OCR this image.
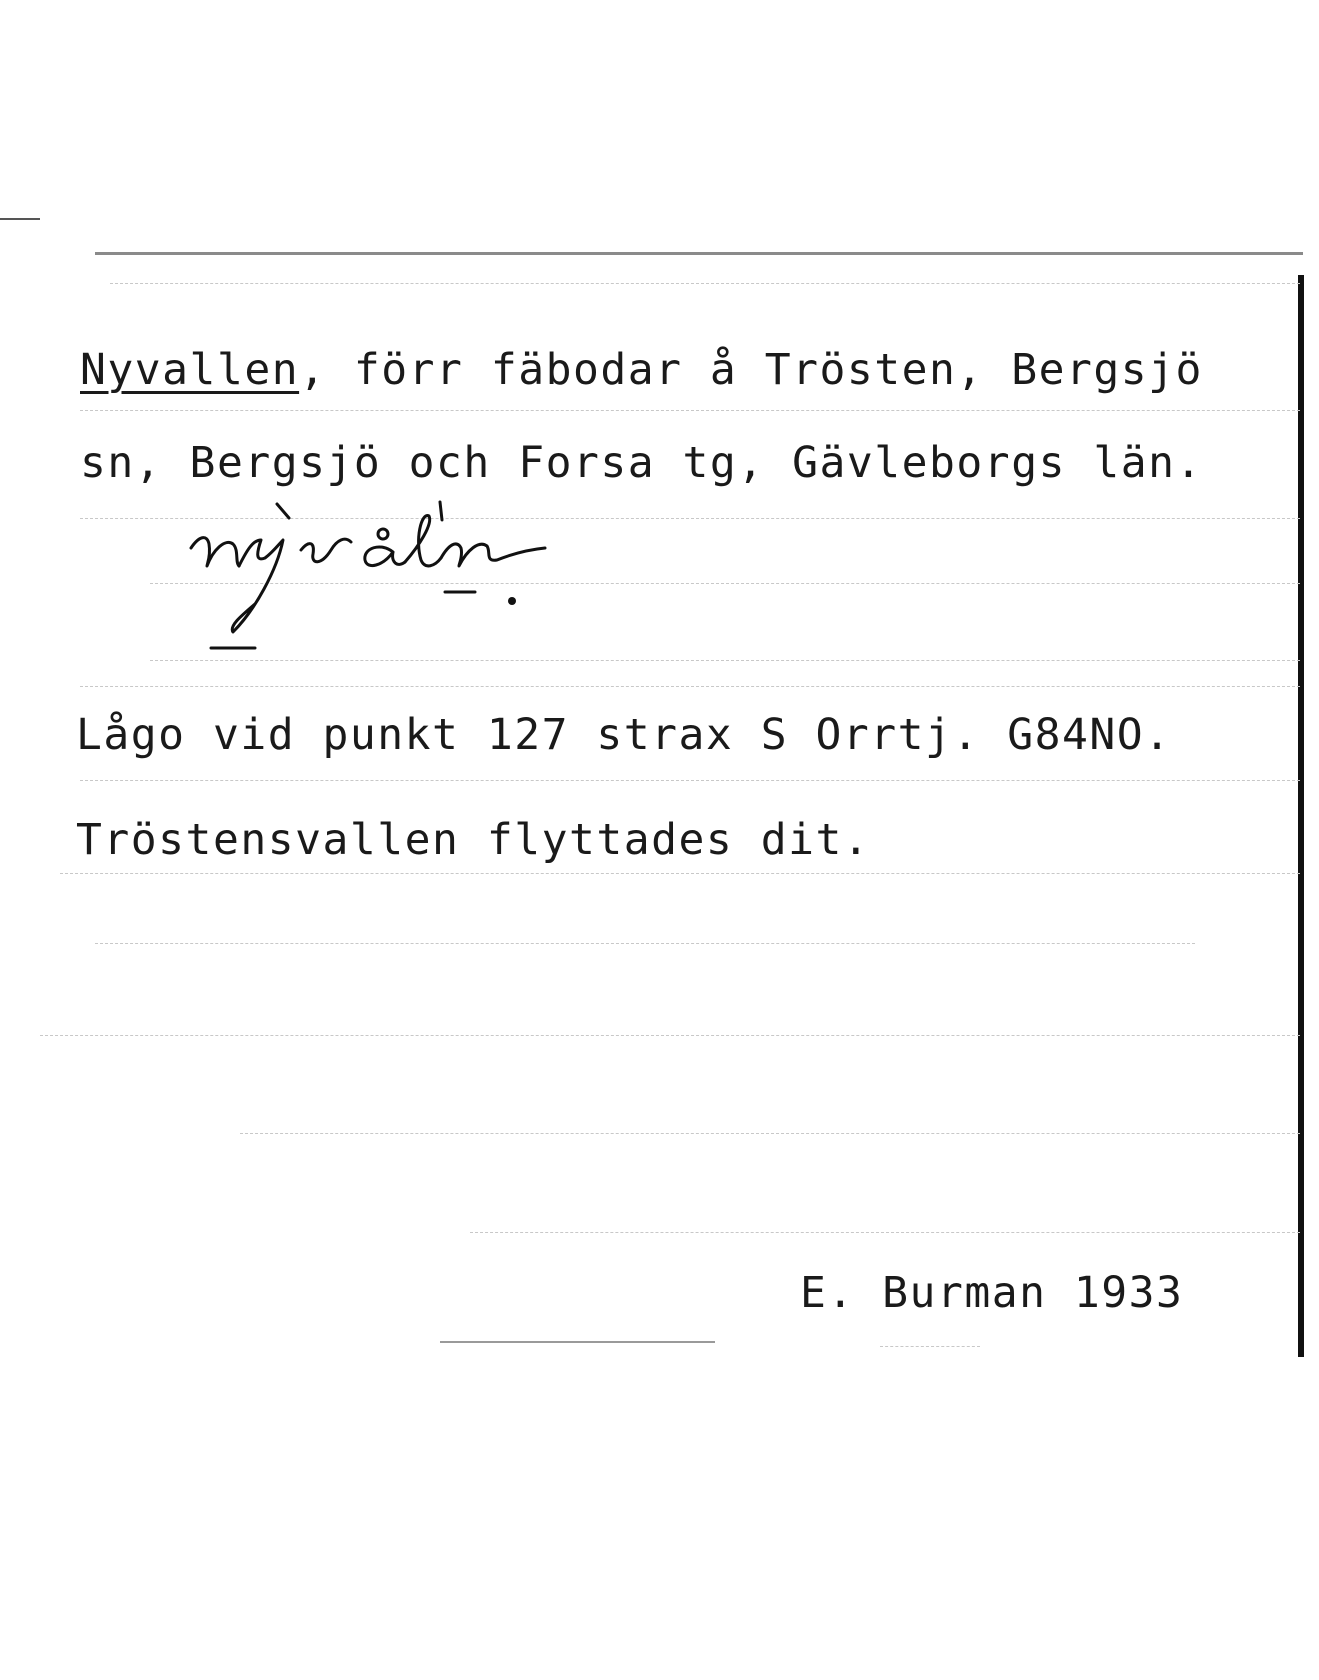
Nyvallen, förr fäbodar å Trösten, Bergsjö
sn, Bergsjö och Forsa tg, Gävleborgs län.
Lågo vid punkt 127 strax S Orrtj. G84NO.
Tröstensvallen flyttades dit.
E. Burman 1933
